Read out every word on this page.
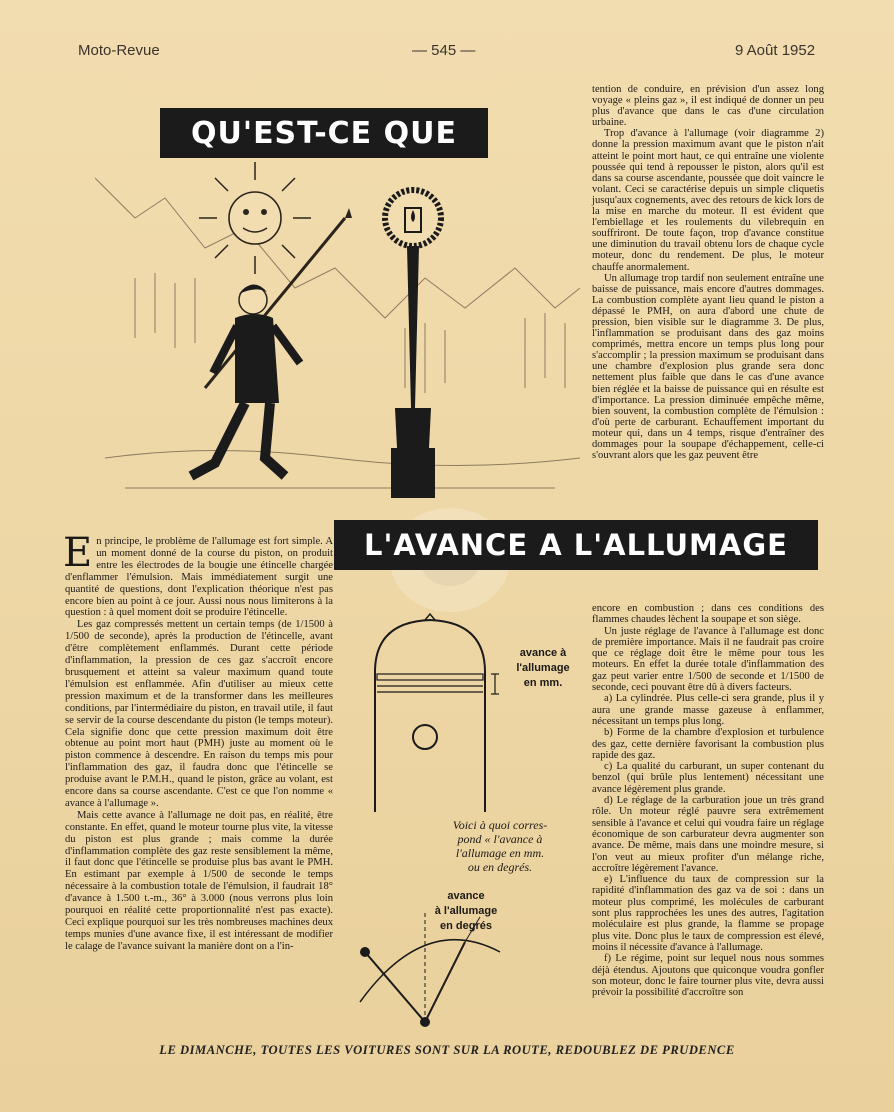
Moto-Revue	— 545 —	9 Août 1952
QU'EST-CE QUE
L'AVANCE A L'ALLUMAGE

En principe, le problème de l'allumage est fort simple. A un moment donné de la course du piston, on produit entre les électrodes de la bougie une étincelle chargée d'enflammer l'émulsion. Mais immédiatement surgit une quantité de questions, dont l'explication théorique n'est pas encore bien au point à ce jour. Aussi nous nous limiterons à la question : à quel moment doit se produire l'étincelle.

Les gaz compressés mettent un certain temps (de 1/1500 à 1/500 de seconde), après la production de l'étincelle, avant d'être complètement enflammés. Durant cette période d'inflammation, la pression de ces gaz s'accroît encore brusquement et atteint sa valeur maximum quand toute l'émulsion est enflammée. Afin d'utiliser au mieux cette pression maximum et de la transformer dans les meilleures conditions, par l'intermédiaire du piston, en travail utile, il faut se servir de la course descendante du piston (le temps moteur). Cela signifie donc que cette pression maximum doit être obtenue au point mort haut (PMH) juste au moment où le piston commence à descendre. En raison du temps mis pour l'inflammation des gaz, il faudra donc que l'étincelle se produise avant le P.M.H., quand le piston, grâce au volant, est encore dans sa course ascendante. C'est ce que l'on nomme « avance à l'allumage ».

Mais cette avance à l'allumage ne doit pas, en réalité, être constante. En effet, quand le moteur tourne plus vite, la vitesse du piston est plus grande ; mais comme la durée d'inflammation complète des gaz reste sensiblement la même, il faut donc que l'étincelle se produise plus bas avant le PMH. En estimant par exemple à 1/500 de seconde le temps nécessaire à la combustion totale de l'émulsion, il faudrait 18° d'avance à 1.500 t.-m., 36° à 3.000 (nous verrons plus loin pourquoi en réalité cette proportionnalité n'est pas exacte). Ceci explique pourquoi sur les très nombreuses machines deux temps munies d'une avance fixe, il est intéressant de modifier le calage de l'avance suivant la manière dont on a l'in-

tention de conduire, en prévision d'un assez long voyage « pleins gaz », il est indiqué de donner un peu plus d'avance que dans le cas d'une circulation urbaine.

Trop d'avance à l'allumage (voir diagramme 2) donne la pression maximum avant que le piston n'ait atteint le point mort haut, ce qui entraîne une violente poussée qui tend à repousser le piston, alors qu'il est dans sa course ascendante, poussée que doit vaincre le volant. Ceci se caractérise depuis un simple cliquetis jusqu'aux cognements, avec des retours de kick lors de la mise en marche du moteur. Il est évident que l'embiellage et les roulements du vilebrequin en souffriront. De toute façon, trop d'avance constitue une diminution du travail obtenu lors de chaque cycle moteur, donc du rendement. De plus, le moteur chauffe anormalement.

Un allumage trop tardif non seulement entraîne une baisse de puissance, mais encore d'autres dommages. La combustion complète ayant lieu quand le piston a dépassé le PMH, on aura d'abord une chute de pression, bien visible sur le diagramme 3. De plus, l'inflammation se produisant dans des gaz moins comprimés, mettra encore un temps plus long pour s'accomplir ; la pression maximum se produisant dans une chambre d'explosion plus grande sera donc nettement plus faible que dans le cas d'une avance bien réglée et la baisse de puissance qui en résulte est d'importance. La pression diminuée empêche même, bien souvent, la combustion complète de l'émulsion : d'où perte de carburant. Echauffement important du moteur qui, dans un 4 temps, risque d'entraîner des dommages pour la soupape d'échappement, celle-ci s'ouvrant alors que les gaz peuvent être

encore en combustion ; dans ces conditions des flammes chaudes lèchent la soupape et son siège.

Un juste réglage de l'avance à l'allumage est donc de première importance. Mais il ne faudrait pas croire que ce réglage doit être le même pour tous les moteurs. En effet la durée totale d'inflammation des gaz peut varier entre 1/500 de seconde et 1/1500 de seconde, ceci pouvant être dû à divers facteurs.

a) La cylindrée. Plus celle-ci sera grande, plus il y aura une grande masse gazeuse à enflammer, nécessitant un temps plus long.

b) Forme de la chambre d'explosion et turbulence des gaz, cette dernière favorisant la combustion plus rapide des gaz.

c) La qualité du carburant, un super contenant du benzol (qui brûle plus lentement) nécessitant une avance légèrement plus grande.

d) Le réglage de la carburation joue un très grand rôle. Un moteur réglé pauvre sera extrêmement sensible à l'avance et celui qui voudra faire un réglage économique de son carburateur devra augmenter son avance. De même, mais dans une moindre mesure, si l'on veut au mieux profiter d'un mélange riche, accroître légèrement l'avance.

e) L'influence du taux de compression sur la rapidité d'inflammation des gaz va de soi : dans un moteur plus comprimé, les molécules de carburant sont plus rapprochées les unes des autres, l'agitation moléculaire est plus grande, la flamme se propage plus vite. Donc plus le taux de compression est élevé, moins il nécessite d'avance à l'allumage.

f) Le régime, point sur lequel nous nous sommes déjà étendus. Ajoutons que quiconque voudra gonfler son moteur, donc le faire tourner plus vite, devra aussi prévoir la possibilité d'accroître son

avance à
l'allumage
en mm.
Voici à quoi corres-
pond « l'avance à
l'allumage en mm.
ou en degrés.
avance
à l'allumage
en degrés
LE DIMANCHE, TOUTES LES VOITURES SONT SUR LA ROUTE, REDOUBLEZ DE PRUDENCE
